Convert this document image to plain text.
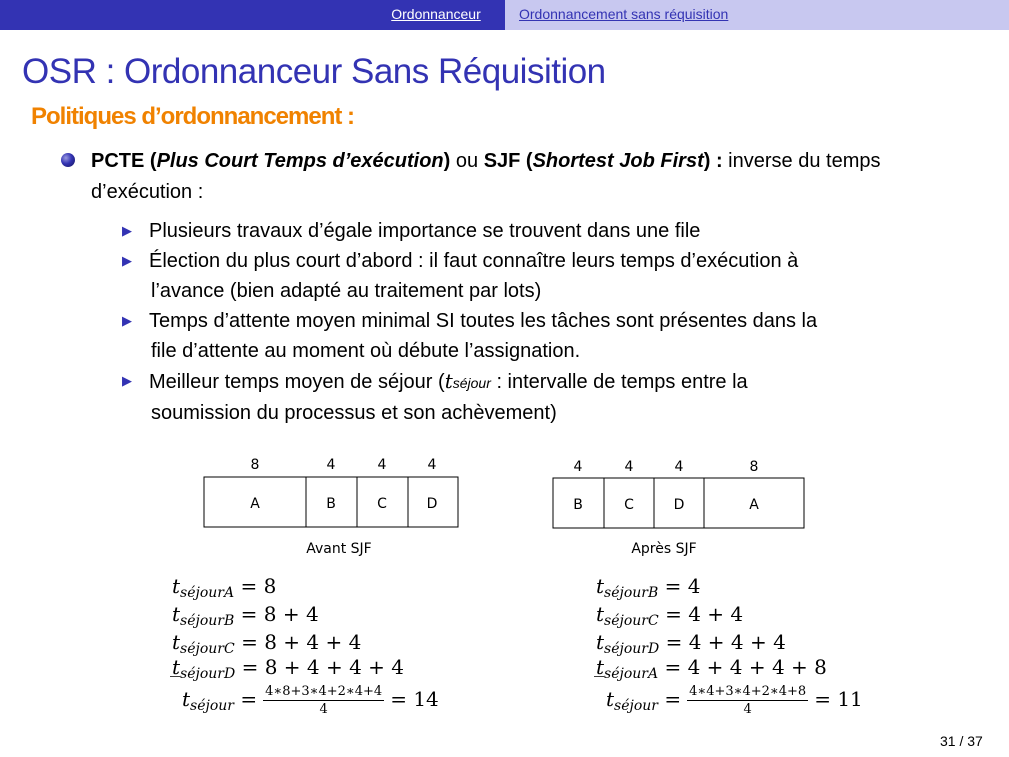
Ordonnanceur	Ordonnancement sans réquisition
OSR : Ordonnanceur Sans Réquisition
Politiques d’ordonnancement :
PCTE (Plus Court Temps d’exécution) ou SJF (Shortest Job First) : inverse du temps d’exécution :
▶ Plusieurs travaux d’égale importance se trouvent dans une file
▶ Élection du plus court d’abord : il faut connaître leurs temps d’exécution à
l’avance (bien adapté au traitement par lots)
▶ Temps d’attente moyen minimal SI toutes les tâches sont présentes dans la
file d’attente au moment où débute l’assignation.
▶ Meilleur temps moyen de séjour (tséjour : intervalle de temps entre la
soumission du processus et son achèvement)
8	4	4	4
A	B	C	D
Avant SJF
4	4	4	8
B	C	D	A
Après SJF
$t_{séjourA} = 8$
$t_{séjourB} = 8 + 4$
$t_{séjourC} = 8 + 4 + 4$
$t_{séjourD} = 8 + 4 + 4 + 4$
‾
$t_{séjour} = \frac{4∗8+3∗4+2∗4+4}{4} = 14$
$t_{séjourB} = 4$
$t_{séjourC} = 4 + 4$
$t_{séjourD} = 4 + 4 + 4$
$t_{séjourA} = 4 + 4 + 4 + 8$
‾
$t_{séjour} = \frac{4∗4+3∗4+2∗4+8}{4} = 11$
31 / 37
